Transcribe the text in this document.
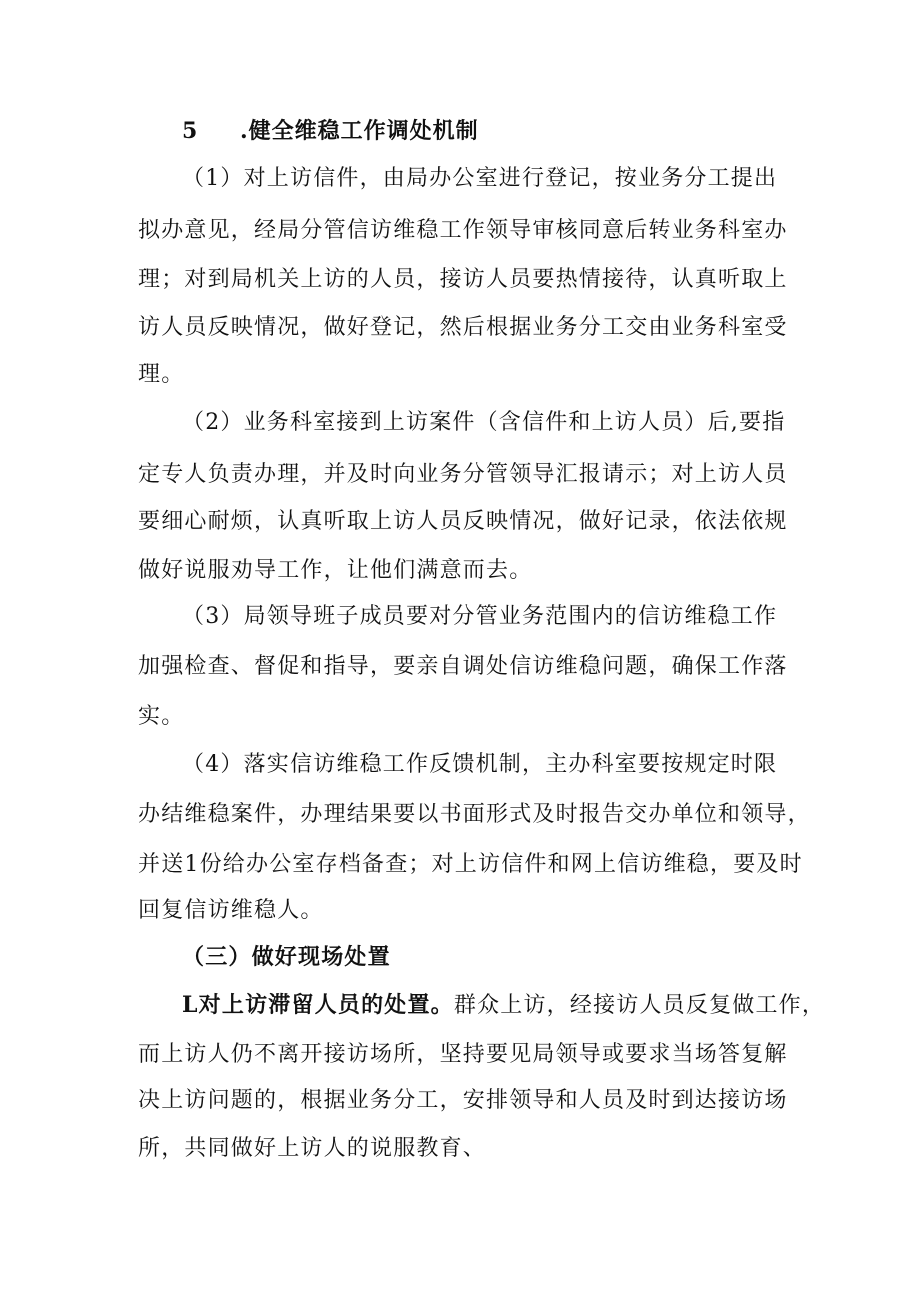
5 .健全维稳工作调处机制
（1）对上访信件，由局办公室进行登记，按业务分工提出
拟办意见，经局分管信访维稳工作领导审核同意后转业务科室办
理；对到局机关上访的人员，接访人员要热情接待，认真听取上
访人员反映情况，做好登记，然后根据业务分工交由业务科室受
理。
（2）业务科室接到上访案件（含信件和上访人员）后,要指
定专人负责办理，并及时向业务分管领导汇报请示；对上访人员
要细心耐烦，认真听取上访人员反映情况，做好记录，依法依规
做好说服劝导工作，让他们满意而去。
（3）局领导班子成员要对分管业务范围内的信访维稳工作
加强检查、督促和指导，要亲自调处信访维稳问题，确保工作落
实。
（4）落实信访维稳工作反馈机制，主办科室要按规定时限
办结维稳案件，办理结果要以书面形式及时报告交办单位和领导，
并送1份给办公室存档备查；对上访信件和网上信访维稳，要及时
回复信访维稳人。
（三）做好现场处置
L对上访滞留人员的处置。群众上访，经接访人员反复做工作，
而上访人仍不离开接访场所，坚持要见局领导或要求当场答复解
决上访问题的，根据业务分工，安排领导和人员及时到达接访场
所，共同做好上访人的说服教育、
